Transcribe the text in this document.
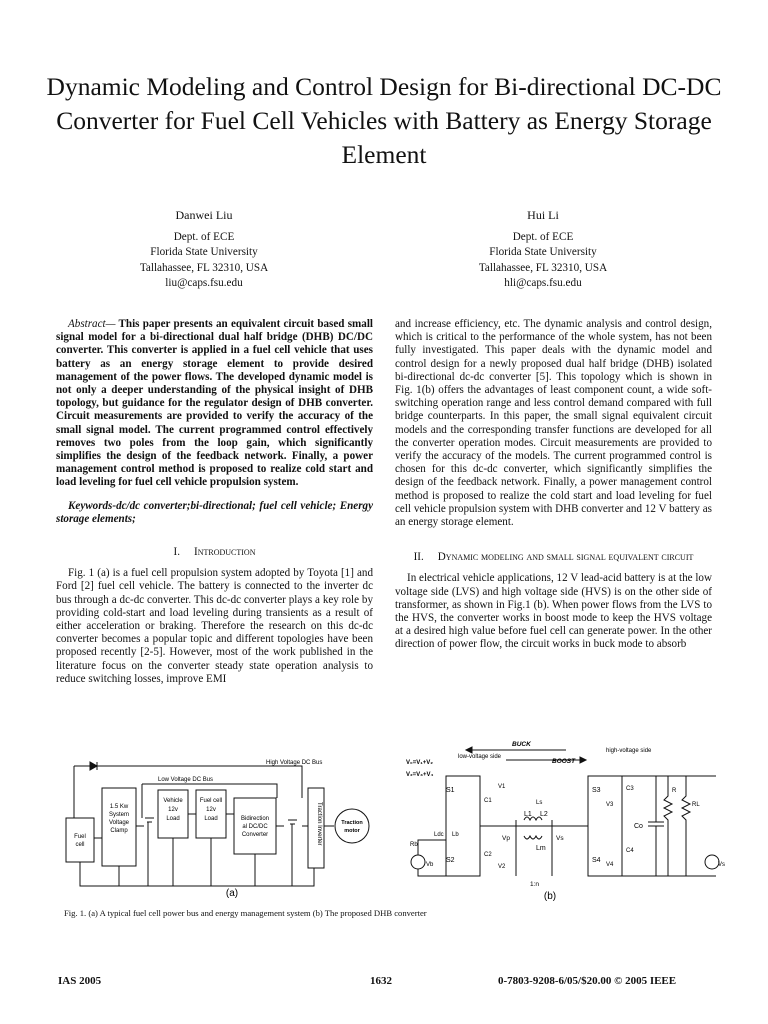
Dynamic Modeling and Control Design for Bi-directional DC-DC Converter for Fuel Cell Vehicles with Battery as Energy Storage Element
Danwei Liu
Dept. of ECE
Florida State University
Tallahassee, FL 32310, USA
liu@caps.fsu.edu
Hui Li
Dept. of ECE
Florida State University
Tallahassee, FL 32310, USA
hli@caps.fsu.edu

Abstract— This paper presents an equivalent circuit based small signal model for a bi-directional dual half bridge (DHB) DC/DC converter. This converter is applied in a fuel cell vehicle that uses battery as an energy storage element to provide desired management of the power flows. The developed dynamic model is not only a deeper understanding of the physical insight of DHB topology, but guidance for the regulator design of DHB converter. Circuit measurements are provided to verify the accuracy of the small signal model. The current programmed control effectively removes two poles from the loop gain, which significantly simplifies the design of the feedback network. Finally, a power management control method is proposed to realize cold start and load leveling for fuel cell vehicle propulsion system.

Keywords-dc/dc converter;bi-directional; fuel cell vehicle; Energy storage elements;

I. Introduction

Fig. 1 (a) is a fuel cell propulsion system adopted by Toyota [1] and Ford [2] fuel cell vehicle. The battery is connected to the inverter dc bus through a dc-dc converter. This dc-dc converter plays a key role by providing cold-start and load leveling during transients as a result of either acceleration or braking. Therefore the research on this dc-dc converter becomes a popular topic and different topologies have been proposed recently [2-5]. However, most of the work published in the literature focus on the converter steady state operation analysis to reduce switching losses, improve EMI

and increase efficiency, etc. The dynamic analysis and control design, which is critical to the performance of the whole system, has not been fully investigated. This paper deals with the dynamic model and control design for a newly proposed dual half bridge (DHB) isolated bi-directional dc-dc converter [5]. This topology which is shown in Fig. 1(b) offers the advantages of least component count, a wide soft-switching operation range and less control demand compared with full bridge counterparts. In this paper, the small signal equivalent circuit models and the corresponding transfer functions are developed for all the converter operation modes. Circuit measurements are provided to verify the accuracy of the models. The current programmed control is chosen for this dc-dc converter, which significantly simplifies the design of the feedback network. Finally, a power management control method is proposed to realize the cold start and load leveling for fuel cell vehicle propulsion system with DHB converter and 12 V battery as an energy storage element.

II. Dynamic modeling and small signal equivalent circuit

In electrical vehicle applications, 12 V lead-acid battery is at the low voltage side (LVS) and high voltage side (HVS) is on the other side of transformer, as shown in Fig.1 (b). When power flows from the LVS to the HVS, the converter works in boost mode to keep the HVS voltage at a desired high value before fuel cell can generate power. In the other direction of power flow, the circuit works in buck mode to absorb

High Voltage DC Bus
Low Voltage DC Bus
Fuel
cell
1.5 Kw
System
Voltage
Clamp
Vehicle
12v
Load
Fuel cell
12v
Load	Bidirection
al DC/DC
Converter	Traction Inverter	Traction
motor
(a)
BUCK
BOOST
low-voltage side
high-voltage side
V₀=V₁+V₂
V₂=V₃+V₄
S1
S2
S3
S4
C1
C2
C3
C4
L1 L2
Lm
Ls
Ldc Lb
Rb
Vb
Co
R
RL
1:n
V1
V2
V3
V4
Vp	Vs
Vs
(b)
Fig. 1. (a) A typical fuel cell power bus and energy management system (b) The proposed DHB converter
IAS 2005	1632	0-7803-9208-6/05/$20.00 © 2005 IEEE
